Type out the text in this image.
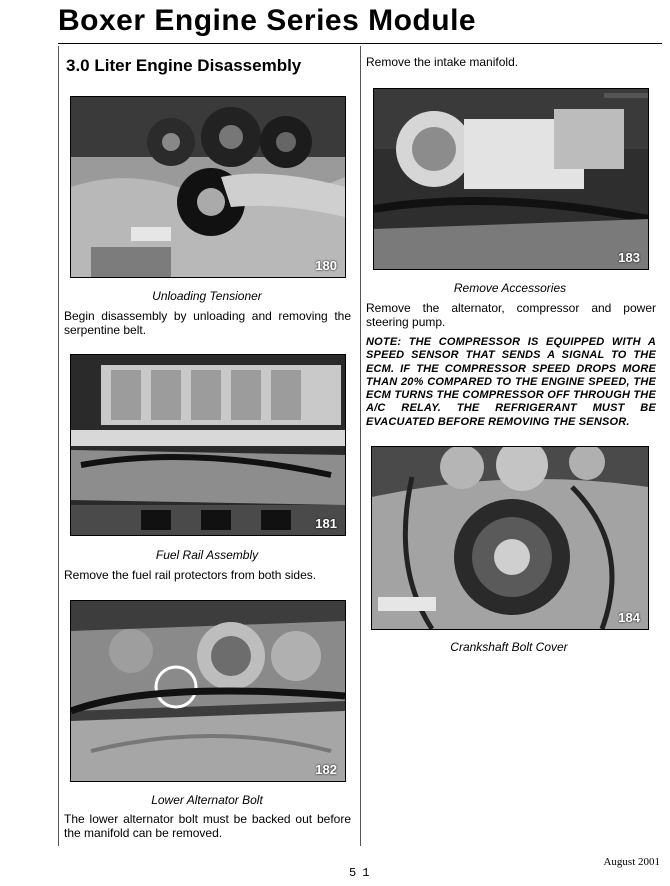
Boxer Engine Series Module
3.0 Liter Engine Disassembly
180
Unloading Tensioner
Begin disassembly by unloading and removing the serpentine belt.
181
Fuel Rail Assembly
Remove the fuel rail protectors from both sides.
182
Lower Alternator Bolt
The lower alternator bolt must be backed out before the manifold can be removed.
Remove the intake manifold.
183
Remove Accessories
Remove the alternator, compressor and power steering pump.
NOTE: THE COMPRESSOR IS EQUIPPED WITH A SPEED SENSOR THAT SENDS A SIGNAL TO THE ECM. IF THE COMPRESSOR SPEED DROPS MORE THAN 20% COMPARED TO THE ENGINE SPEED, THE ECM TURNS THE COMPRESSOR OFF THROUGH THE A/C RELAY. THE REFRIGERANT MUST BE EVACUATED BEFORE REMOVING THE SENSOR.
184
Crankshaft Bolt Cover
August 2001
51
